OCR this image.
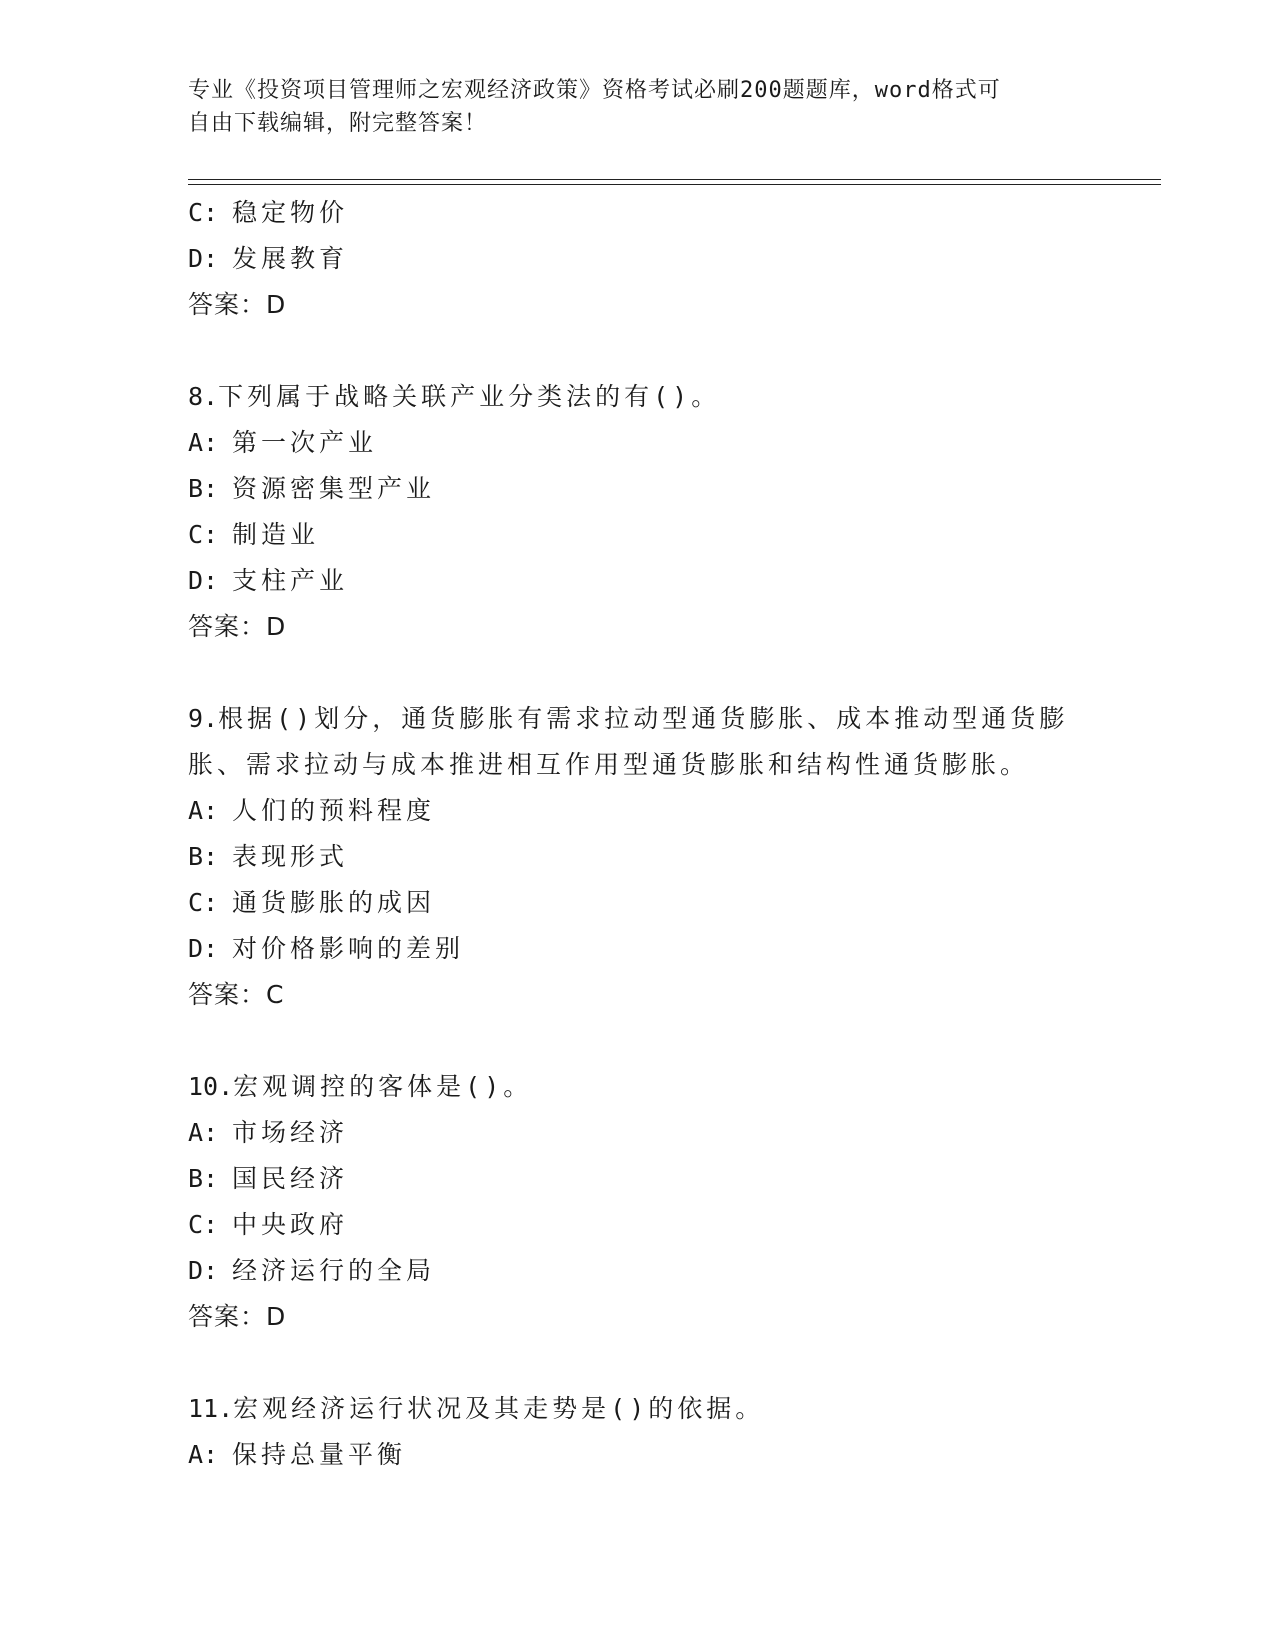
专业《投资项目管理师之宏观经济政策》资格考试必刷200题题库，word格式可
自由下载编辑，附完整答案！
C: 稳定物价
D: 发展教育
答案：D
8.下列属于战略关联产业分类法的有()。
A: 第一次产业
B: 资源密集型产业
C: 制造业
D: 支柱产业
答案：D
9.根据()划分，通货膨胀有需求拉动型通货膨胀、成本推动型通货膨
胀、需求拉动与成本推进相互作用型通货膨胀和结构性通货膨胀。
A: 人们的预料程度
B: 表现形式
C: 通货膨胀的成因
D: 对价格影响的差别
答案：C
10.宏观调控的客体是()。
A: 市场经济
B: 国民经济
C: 中央政府
D: 经济运行的全局
答案：D
11.宏观经济运行状况及其走势是()的依据。
A: 保持总量平衡
